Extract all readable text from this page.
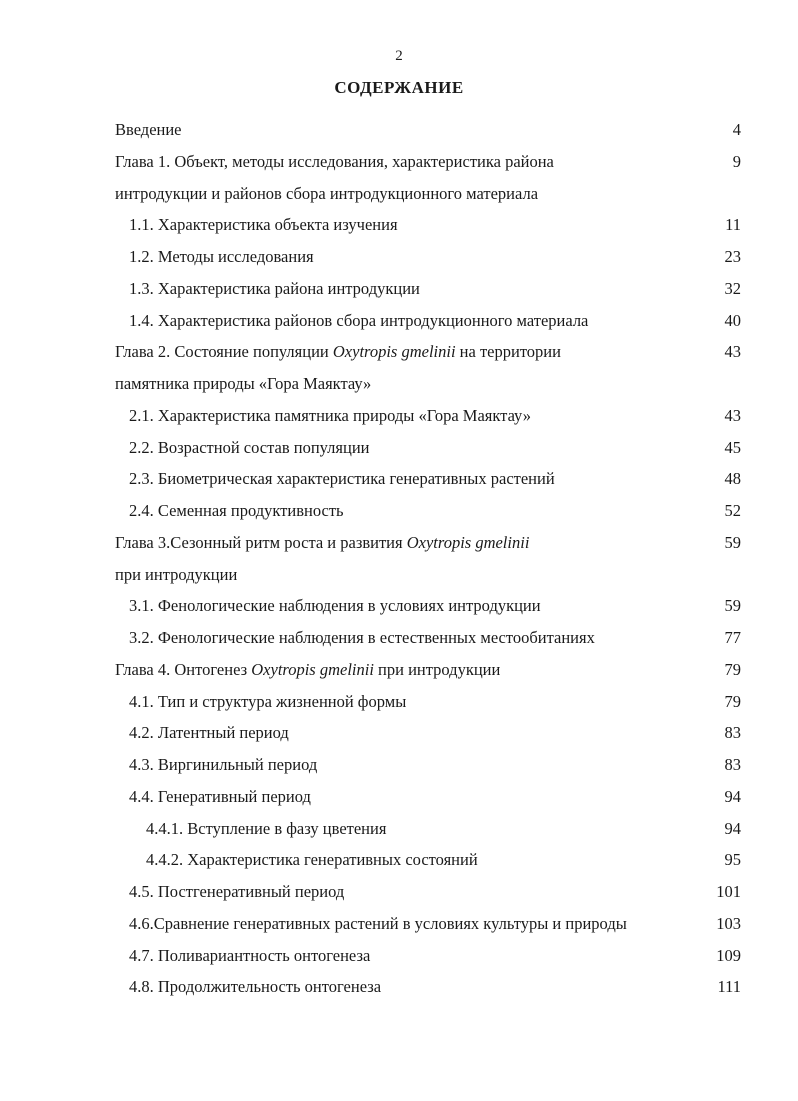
2
СОДЕРЖАНИЕ
Введение	4
Глава 1. Объект, методы исследования, характеристика района	9
интродукции и районов сбора интродукционного материала
1.1. Характеристика объекта изучения	11
1.2. Методы исследования	23
1.3. Характеристика района интродукции	32
1.4. Характеристика районов сбора интродукционного материала	40
Глава 2. Состояние популяции Oxytropis gmelinii на территории	43
памятника природы «Гора Маяктау»
2.1. Характеристика памятника природы «Гора Маяктау»	43
2.2. Возрастной состав популяции	45
2.3. Биометрическая характеристика генеративных растений	48
2.4. Семенная продуктивность	52
Глава 3.Сезонный ритм роста и развития Oxytropis gmelinii	59
при интродукции
3.1. Фенологические наблюдения в условиях интродукции	59
3.2. Фенологические наблюдения в естественных местообитаниях	77
Глава 4. Онтогенез Oxytropis gmelinii при интродукции	79
4.1. Тип и структура жизненной формы	79
4.2. Латентный период	83
4.3. Виргинильный период	83
4.4. Генеративный период	94
4.4.1. Вступление в фазу цветения	94
4.4.2. Характеристика генеративных состояний	95
4.5. Постгенеративный период	101
4.6.Сравнение генеративных растений в условиях культуры и природы	103
4.7. Поливариантность онтогенеза	109
4.8. Продолжительность онтогенеза	111
